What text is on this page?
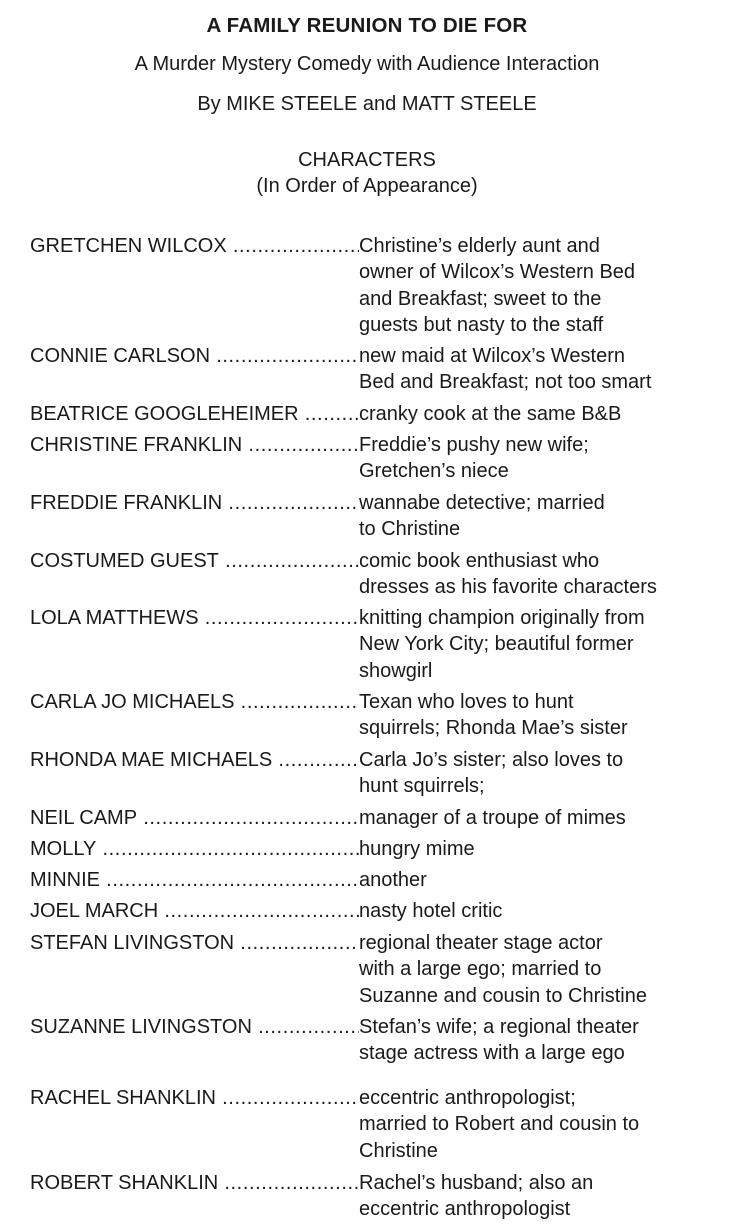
A FAMILY REUNION TO DIE FOR
A Murder Mystery Comedy with Audience Interaction
By MIKE STEELE and MATT STEELE
CHARACTERS
(In Order of Appearance)
GRETCHEN WILCOX .....	Christine’s elderly aunt and
owner of Wilcox’s Western Bed
and Breakfast; sweet to the
guests but nasty to the staff
CONNIE CARLSON .....	new maid at Wilcox’s Western
Bed and Breakfast; not too smart
BEATRICE GOOGLEHEIMER .....	cranky cook at the same B&B
CHRISTINE FRANKLIN .....	Freddie’s pushy new wife;
Gretchen’s niece
FREDDIE FRANKLIN .....	wannabe detective; married
to Christine
COSTUMED GUEST .....	comic book enthusiast who
dresses as his favorite characters
LOLA MATTHEWS .....	knitting champion originally from
New York City; beautiful former
showgirl
CARLA JO MICHAELS .....	Texan who loves to hunt
squirrels; Rhonda Mae’s sister
RHONDA MAE MICHAELS .....	Carla Jo’s sister; also loves to
hunt squirrels;
NEIL CAMP .....	manager of a troupe of mimes
MOLLY .....	hungry mime
MINNIE .....	another
JOEL MARCH .....	nasty hotel critic
STEFAN LIVINGSTON .....	regional theater stage actor
with a large ego; married to
Suzanne and cousin to Christine
SUZANNE LIVINGSTON .....	Stefan’s wife; a regional theater
stage actress with a large ego
RACHEL SHANKLIN .....	eccentric anthropologist;
married to Robert and cousin to
Christine
ROBERT SHANKLIN .....	Rachel’s husband; also an
eccentric anthropologist
